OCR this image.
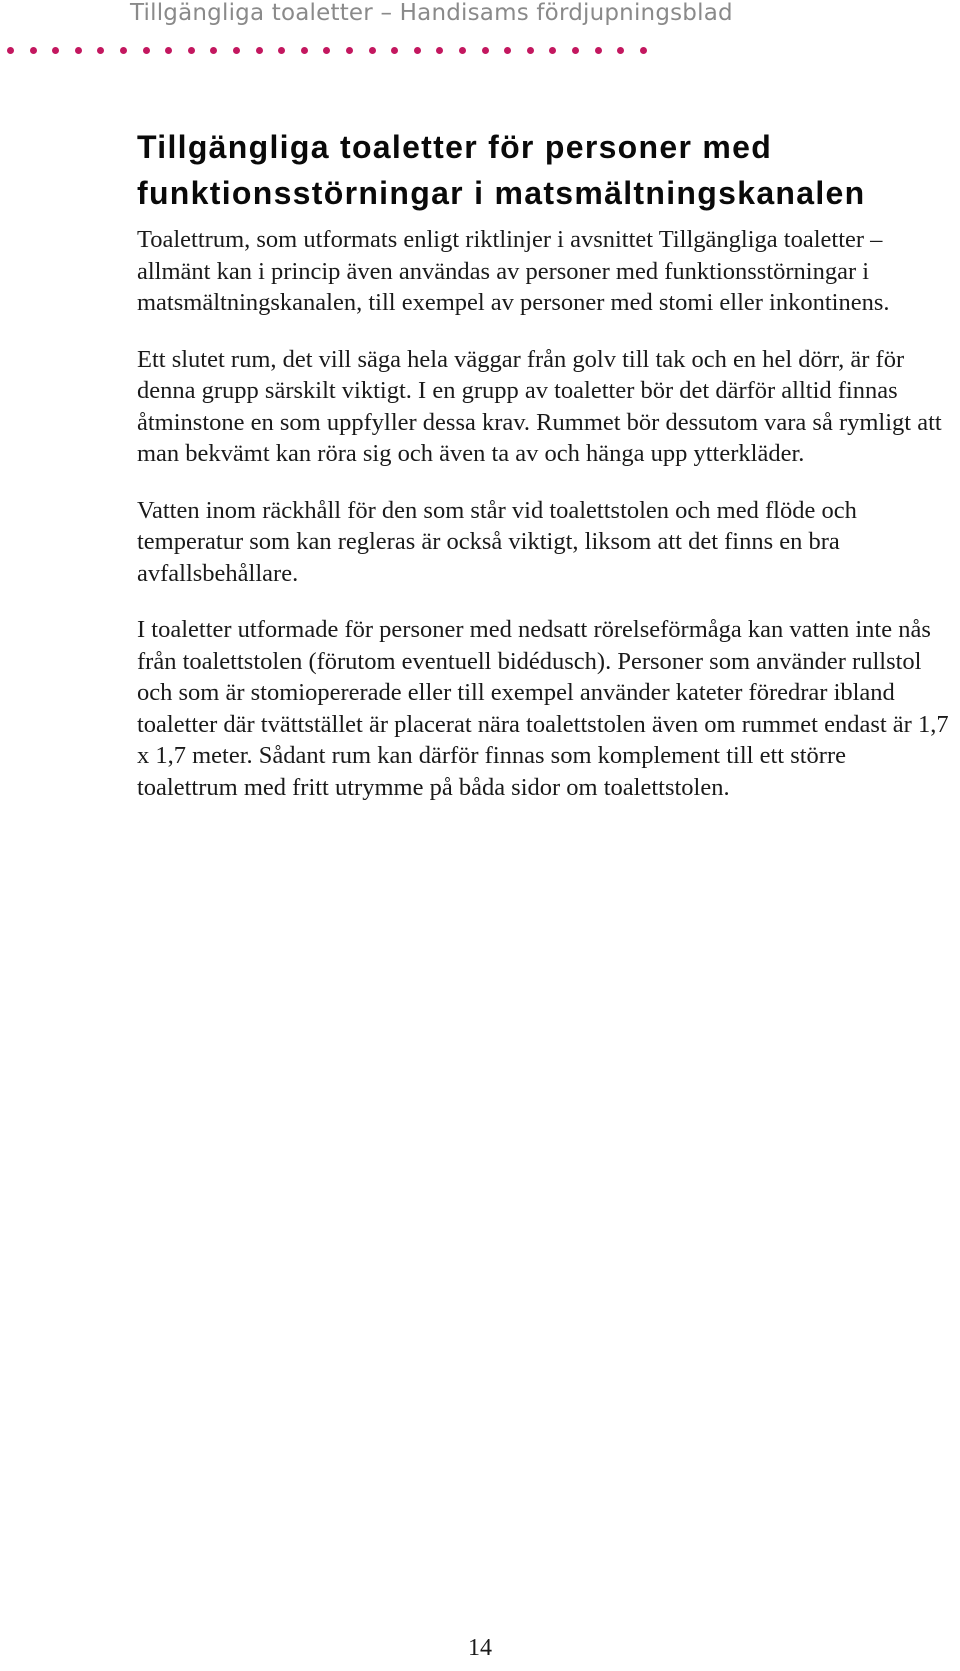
Tillgängliga toaletter – Handisams fördjupningsblad
Tillgängliga toaletter för personer med funktionsstörningar i matsmältningskanalen

Toalettrum, som utformats enligt riktlinjer i avsnittet Tillgängliga toaletter – allmänt kan i princip även användas av personer med funktionsstörningar i matsmältningskanalen, till exempel av personer med stomi eller inkontinens.

Ett slutet rum, det vill säga hela väggar från golv till tak och en hel dörr, är för denna grupp särskilt viktigt. I en grupp av toaletter bör det därför alltid finnas åtminstone en som uppfyller dessa krav. Rummet bör dessutom vara så rymligt att man bekvämt kan röra sig och även ta av och hänga upp ytterkläder.

Vatten inom räckhåll för den som står vid toalettstolen och med flöde och temperatur som kan regleras är också viktigt, liksom att det finns en bra avfallsbehållare.

I toaletter utformade för personer med nedsatt rörelseförmåga kan vatten inte nås från toalettstolen (förutom eventuell bidédusch). Personer som använder rullstol och som är stomiopererade eller till exempel använder kateter föredrar ibland toaletter där tvättstället är placerat nära toalettstolen även om rummet endast är 1,7 x 1,7 meter. Sådant rum kan därför finnas som komplement till ett större toalettrum med fritt utrymme på båda sidor om toalettstolen.

14
